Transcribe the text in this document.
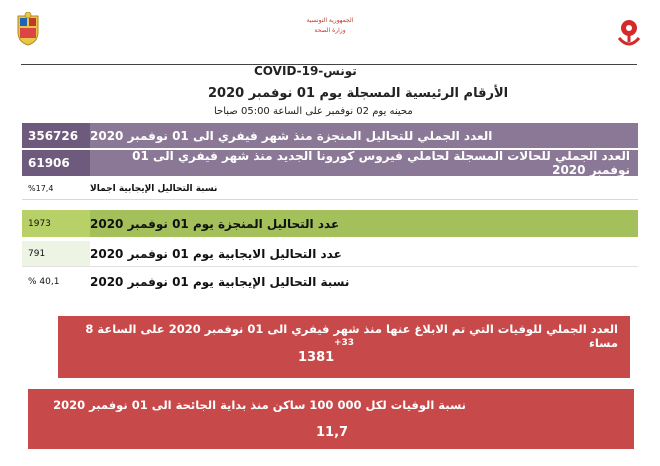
الجمهورية التونسية
وزارة الصحة
COVID-19-تونس
الأرقام الرئيسية المسجلة يوم 01 نوفمبر 2020
محينه يوم 02 نوفمبر على الساعة 05:00 صباحا
356726 العدد الجملي للتحاليل المنجزة منذ شهر فيفري الى 01 نوفمبر 2020
61906	العدد الجملي للحالات المسجلة لحاملي فيروس كورونا الجديد منذ شهر فيفري الى 01 نوفمبر 2020
%17,4	نسبة التحاليل الإيجابية اجمالا
1973	عدد التحاليل المنجزة يوم 01 نوفمبر 2020
791	عدد التحاليل الايجابية يوم 01 نوفمبر 2020
% 40,1	نسبة التحاليل الإيجابية يوم 01 نوفمبر 2020
العدد الجملي للوفيات التي تم الابلاغ عنها منذ شهر فيفري الى 01 نوفمبر 2020 على الساعة 8 مساء
+33
1381
نسبة الوفيات لكل 000 100 ساكن منذ بداية الجائحة الى 01 نوفمبر 2020
11,7
